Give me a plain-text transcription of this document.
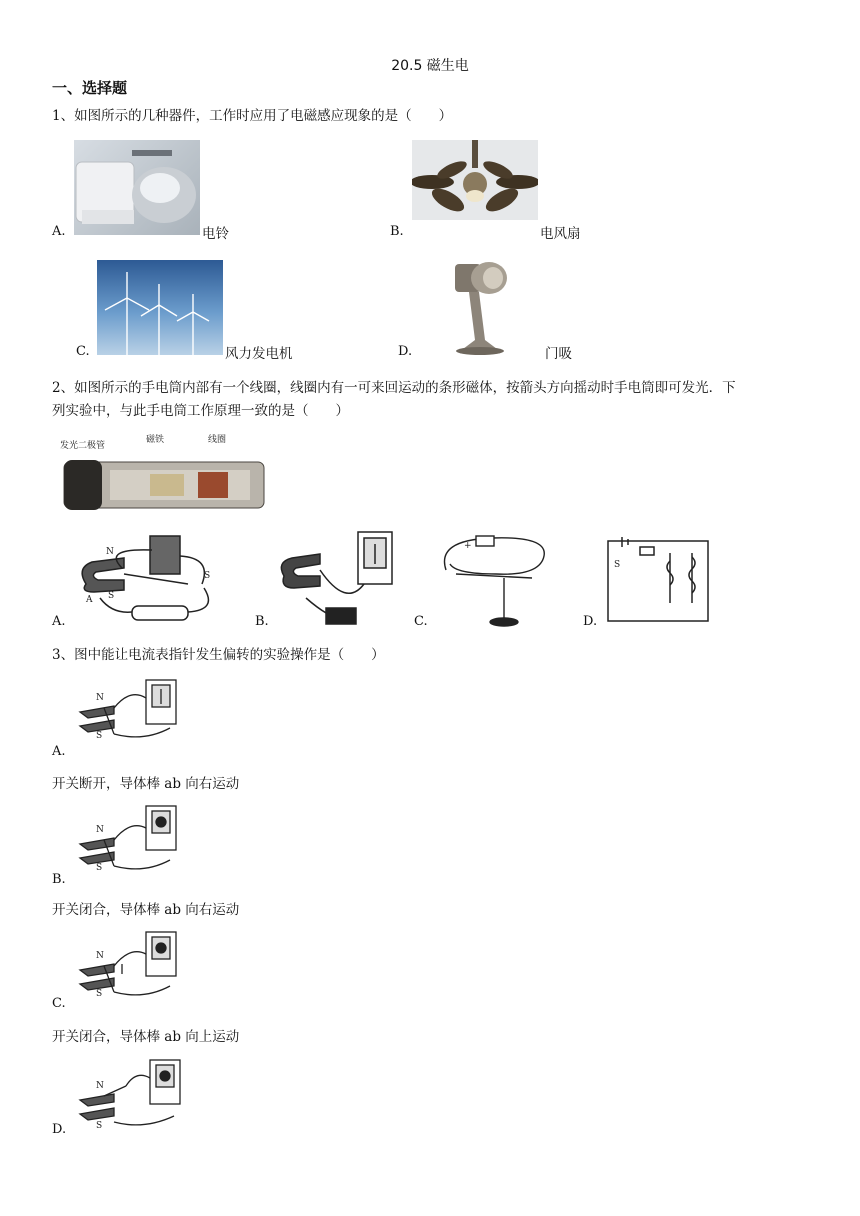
20.5 磁生电
一、选择题
1、如图所示的几种器件，工作时应用了电磁感应现象的是（　　）
A.	电铃	B.	电风扇
C.	风力发电机	D.	门吸
2、如图所示的手电筒内部有一个线圈，线圈内有一可来回运动的条形磁体，按箭头方向摇动时手电筒即可发光．下
列实验中，与此手电筒工作原理一致的是（　　）
发光二极管
磁铁	线圈
N
A S
S
A.	B.
+
C.
S
D.
3、图中能让电流表指针发生偏转的实验操作是（　　）
N
S
A.
开关断开，导体棒 ab 向右运动
N
S
B.
开关闭合，导体棒 ab 向右运动
N
S
C.
开关闭合，导体棒 ab 向上运动
N
S
D.
